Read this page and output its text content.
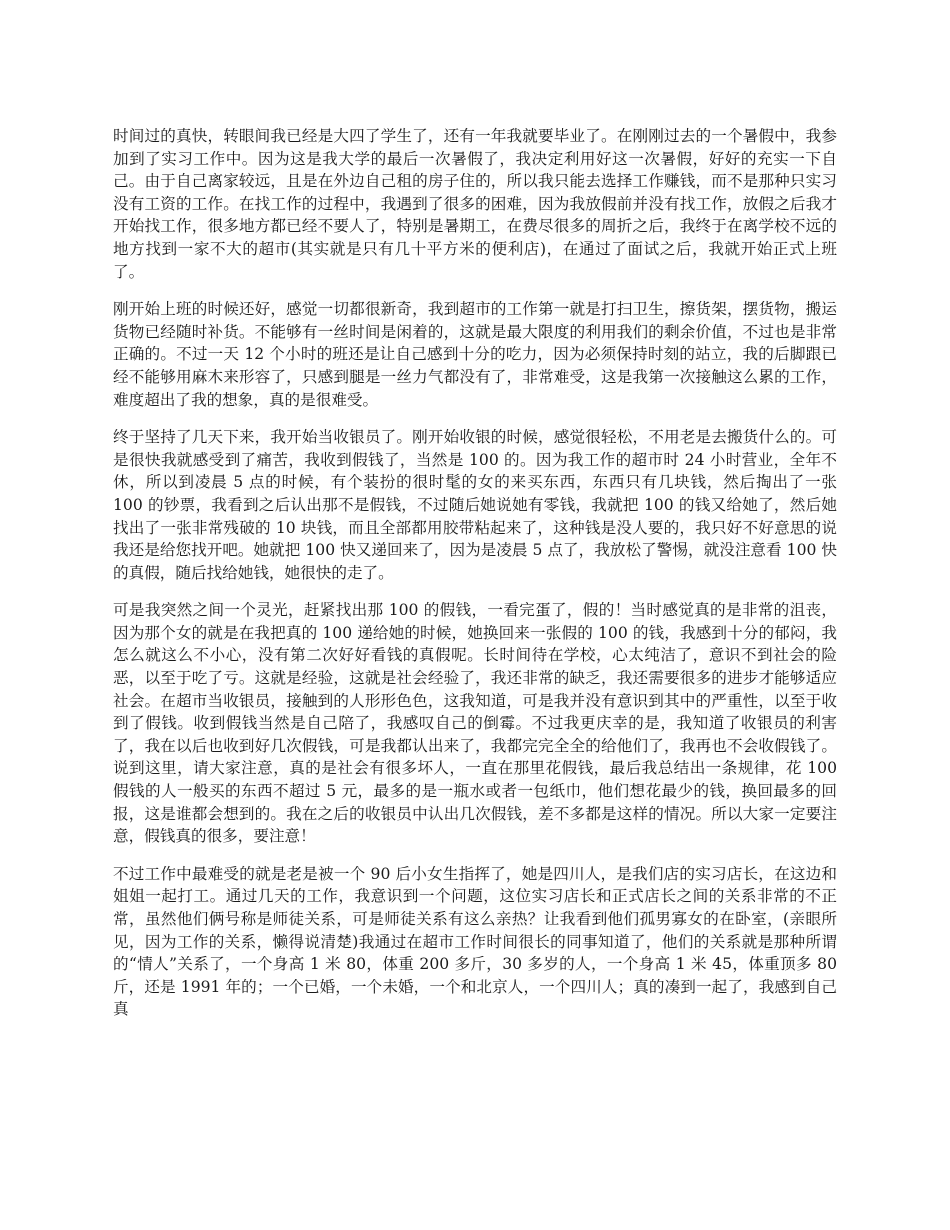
时间过的真快，转眼间我已经是大四了学生了，还有一年我就要毕业了。在刚刚过去的一个暑假中，我参加到了实习工作中。因为这是我大学的最后一次暑假了，我决定利用好这一次暑假，好好的充实一下自己。由于自己离家较远，且是在外边自己租的房子住的，所以我只能去选择工作赚钱，而不是那种只实习没有工资的工作。在找工作的过程中，我遇到了很多的困难，因为我放假前并没有找工作，放假之后我才开始找工作，很多地方都已经不要人了，特别是暑期工，在费尽很多的周折之后，我终于在离学校不远的地方找到一家不大的超市(其实就是只有几十平方米的便利店)，在通过了面试之后，我就开始正式上班了。

刚开始上班的时候还好，感觉一切都很新奇，我到超市的工作第一就是打扫卫生，擦货架，摆货物，搬运货物已经随时补货。不能够有一丝时间是闲着的，这就是最大限度的利用我们的剩余价值，不过也是非常正确的。不过一天 12 个小时的班还是让自己感到十分的吃力，因为必须保持时刻的站立，我的后脚跟已经不能够用麻木来形容了，只感到腿是一丝力气都没有了，非常难受，这是我第一次接触这么累的工作，难度超出了我的想象，真的是很难受。

终于坚持了几天下来，我开始当收银员了。刚开始收银的时候，感觉很轻松，不用老是去搬货什么的。可是很快我就感受到了痛苦，我收到假钱了，当然是 100 的。因为我工作的超市时 24 小时营业，全年不休，所以到凌晨 5 点的时候，有个装扮的很时髦的女的来买东西，东西只有几块钱，然后掏出了一张 100 的钞票，我看到之后认出那不是假钱，不过随后她说她有零钱，我就把 100 的钱又给她了，然后她找出了一张非常残破的 10 块钱，而且全部都用胶带粘起来了，这种钱是没人要的，我只好不好意思的说我还是给您找开吧。她就把 100 快又递回来了，因为是凌晨 5 点了，我放松了警惕，就没注意看 100 快的真假，随后找给她钱，她很快的走了。

可是我突然之间一个灵光，赶紧找出那 100 的假钱，一看完蛋了，假的！当时感觉真的是非常的沮丧，因为那个女的就是在我把真的 100 递给她的时候，她换回来一张假的 100 的钱，我感到十分的郁闷，我怎么就这么不小心，没有第二次好好看钱的真假呢。长时间待在学校，心太纯洁了，意识不到社会的险恶，以至于吃了亏。这就是经验，这就是社会经验了，我还非常的缺乏，我还需要很多的进步才能够适应社会。在超市当收银员，接触到的人形形色色，这我知道，可是我并没有意识到其中的严重性，以至于收到了假钱。收到假钱当然是自己陪了，我感叹自己的倒霉。不过我更庆幸的是，我知道了收银员的利害了，我在以后也收到好几次假钱，可是我都认出来了，我都完完全全的给他们了，我再也不会收假钱了。说到这里，请大家注意，真的是社会有很多坏人，一直在那里花假钱，最后我总结出一条规律，花 100 假钱的人一般买的东西不超过 5 元，最多的是一瓶水或者一包纸巾，他们想花最少的钱，换回最多的回报，这是谁都会想到的。我在之后的收银员中认出几次假钱，差不多都是这样的情况。所以大家一定要注意，假钱真的很多，要注意！

不过工作中最难受的就是老是被一个 90 后小女生指挥了，她是四川人，是我们店的实习店长，在这边和姐姐一起打工。通过几天的工作，我意识到一个问题，这位实习店长和正式店长之间的关系非常的不正常，虽然他们俩号称是师徒关系，可是师徒关系有这么亲热？让我看到他们孤男寡女的在卧室，(亲眼所见，因为工作的关系，懒得说清楚)我通过在超市工作时间很长的同事知道了，他们的关系就是那种所谓的“情人”关系了，一个身高 1 米 80，体重 200 多斤，30 多岁的人，一个身高 1 米 45，体重顶多 80 斤，还是 1991 年的；一个已婚，一个未婚，一个和北京人，一个四川人；真的凑到一起了，我感到自己真
